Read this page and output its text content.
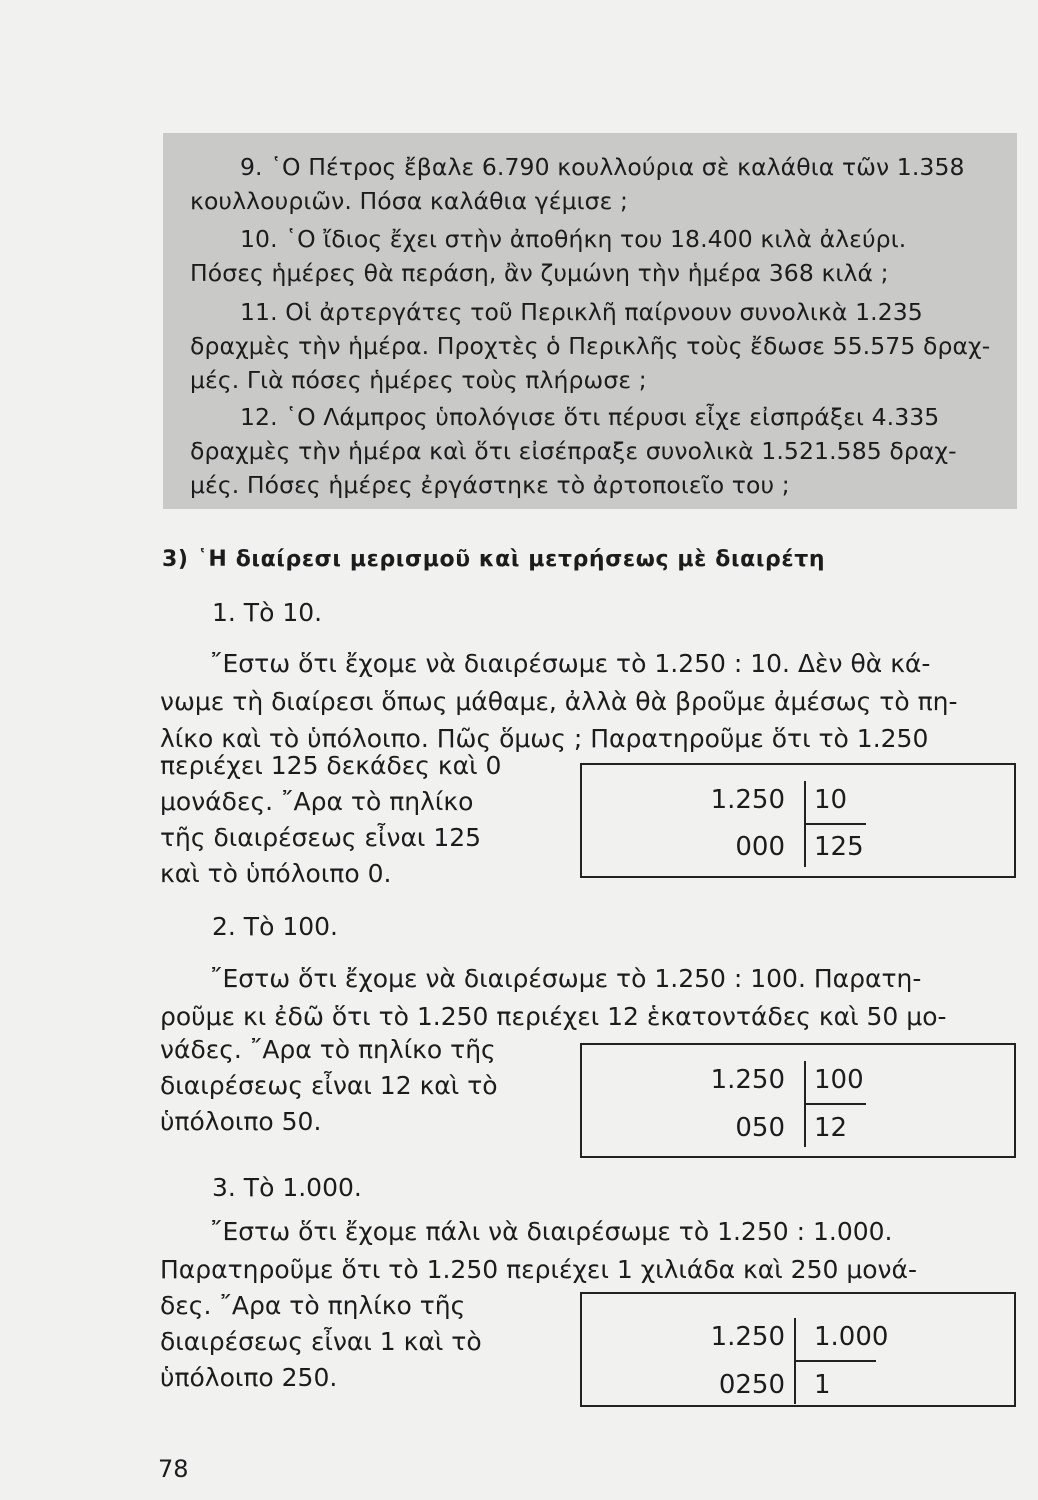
9. ῾Ο Πέτρος ἔβαλε 6.790 κουλλούρια σὲ καλάθια τῶν 1.358
κουλλουριῶν. Πόσα καλάθια γέμισε ;

10. ῾Ο ἴδιος ἔχει στὴν ἀποθήκη του 18.400 κιλὰ ἀλεύρι.
Πόσες ἡμέρες θὰ περάση, ἂν ζυμώνη τὴν ἡμέρα 368 κιλά ;

11. Οἱ ἀρτεργάτες τοῦ Περικλῆ παίρνουν συνολικὰ 1.235
δραχμὲς τὴν ἡμέρα. Προχτὲς ὁ Περικλῆς τοὺς ἔδωσε 55.575 δραχ-
μές. Γιὰ πόσες ἡμέρες τοὺς πλήρωσε ;

12. ῾Ο Λάμπρος ὑπολόγισε ὅτι πέρυσι εἶχε εἰσπράξει 4.335
δραχμὲς τὴν ἡμέρα καὶ ὅτι εἰσέπραξε συνολικὰ 1.521.585 δραχ-
μές. Πόσες ἡμέρες ἐργάστηκε τὸ ἀρτοποιεῖο του ;

3) ῾Η διαίρεσι μερισμοῦ καὶ μετρήσεως μὲ διαιρέτη
1. Τὸ 10.
῎Εστω ὅτι ἔχομε νὰ διαιρέσωμε τὸ 1.250 : 10. Δὲν θὰ κά-
νωμε τὴ διαίρεσι ὅπως μάθαμε, ἀλλὰ θὰ βροῦμε ἀμέσως τὸ πη-
λίκο καὶ τὸ ὑπόλοιπο. Πῶς ὅμως ; Παρατηροῦμε ὅτι τὸ 1.250
περιέχει 125 δεκάδες καὶ 0
μονάδες. ῎Αρα τὸ πηλίκο
τῆς διαιρέσεως εἶναι 125
καὶ τὸ ὑπόλοιπο 0.
1.250 10
000 125
2. Τὸ 100.
῎Εστω ὅτι ἔχομε νὰ διαιρέσωμε τὸ 1.250 : 100. Παρατη-
ροῦμε κι ἐδῶ ὅτι τὸ 1.250 περιέχει 12 ἑκατοντάδες καὶ 50 μο-
νάδες. ῎Αρα τὸ πηλίκο τῆς
διαιρέσεως εἶναι 12 καὶ τὸ
ὑπόλοιπο 50.
1.250 100
050 12
3. Τὸ 1.000.
῎Εστω ὅτι ἔχομε πάλι νὰ διαιρέσωμε τὸ 1.250 : 1.000.
Παρατηροῦμε ὅτι τὸ 1.250 περιέχει 1 χιλιάδα καὶ 250 μονά-
δες. ῎Αρα τὸ πηλίκο τῆς
διαιρέσεως εἶναι 1 καὶ τὸ
ὑπόλοιπο 250.
1.250 1.000
0250 1
78
